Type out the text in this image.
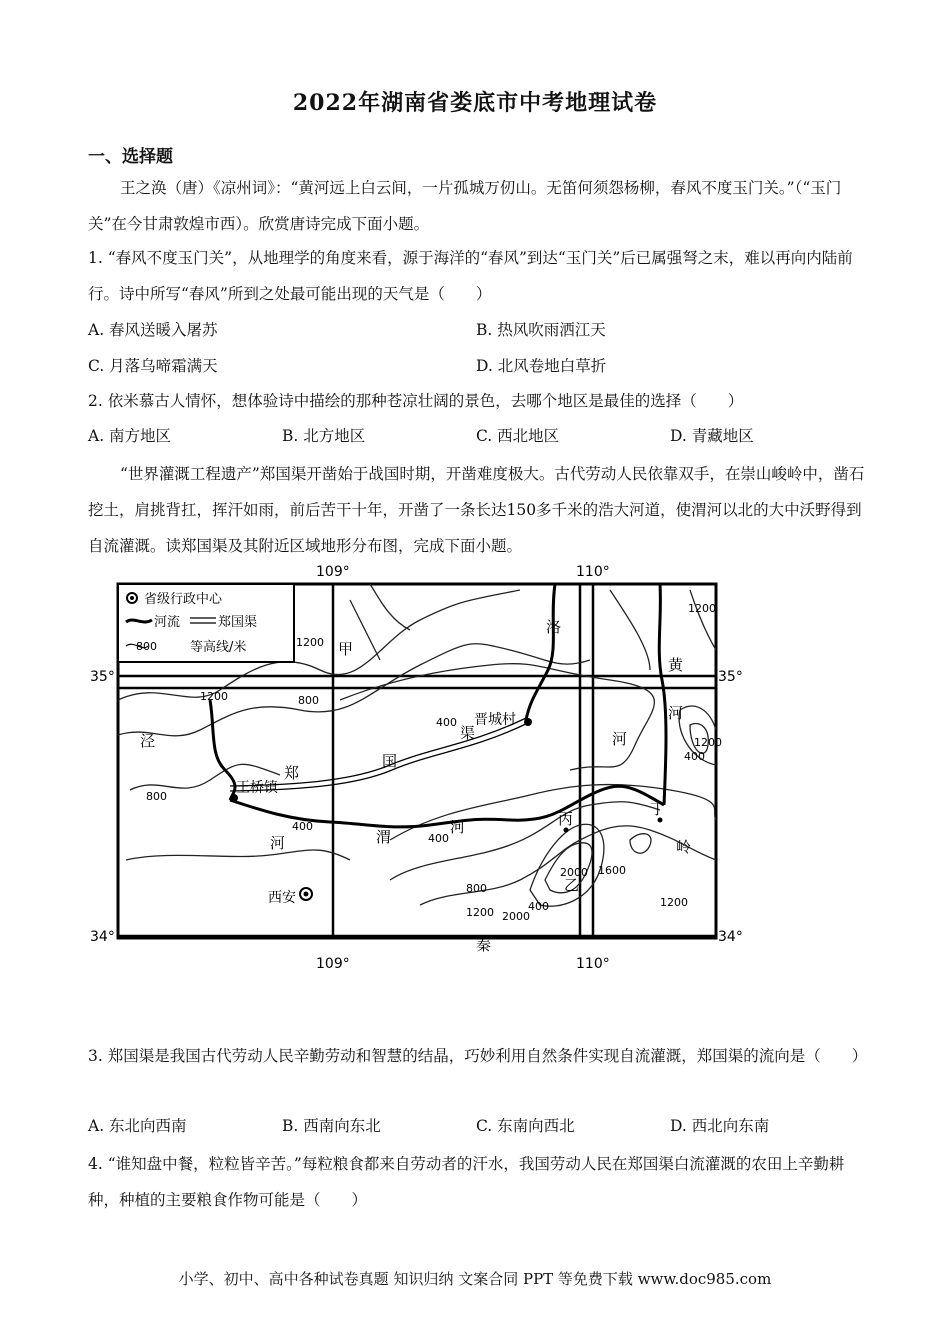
2022年湖南省娄底市中考地理试卷
一、选择题
王之涣（唐）《凉州词》：“黄河远上白云间，一片孤城万仞山。无笛何须怨杨柳，春风不度玉门关。”（“玉门关”在今甘肃敦煌市西）。欣赏唐诗完成下面小题。
1. “春风不度玉门关”，从地理学的角度来看，源于海洋的“春风”到达“玉门关”后已属强弩之末，难以再向内陆前行。诗中所写“春风”所到之处最可能出现的天气是（　　）
A. 春风送暖入屠苏	B. 热风吹雨洒江天
C. 月落乌啼霜满天	D. 北风卷地白草折
2. 依米慕古人情怀，想体验诗中描绘的那种苍凉壮阔的景色，去哪个地区是最佳的选择（　　）
A. 南方地区	B. 北方地区	C. 西北地区	D. 青藏地区
“世界灌溉工程遗产”郑国渠开凿始于战国时期，开凿难度极大。古代劳动人民依靠双手，在崇山峻岭中，凿石挖土，肩挑背扛，挥汗如雨，前后苦干十年，开凿了一条长达150多千米的浩大河道，使渭河以北的大中沃野得到自流灌溉。读郑国渠及其附近区域地形分布图，完成下面小题。
109°	110°
109°	110°
35°	35°
34°	34°
省级行政中心
河流	郑国渠
800	等高线/米
王桥镇
晋城村
西安
甲
乙
丙
丁
洛
黄
河
河
泾
河	渭
河
渠
国
郑
秦
岭
1200
1200
1200
800
800
800
400
400
400
400
400
2000
2000
1600
1200
1200
1200
3. 郑国渠是我国古代劳动人民辛勤劳动和智慧的结晶，巧妙利用自然条件实现自流灌溉，郑国渠的流向是（　　）
A. 东北向西南	B. 西南向东北	C. 东南向西北	D. 西北向东南
4. “谁知盘中餐，粒粒皆辛苦。”每粒粮食都来自劳动者的汗水，我国劳动人民在郑国渠白流灌溉的农田上辛勤耕种，种植的主要粮食作物可能是（　　）
小学、初中、高中各种试卷真题 知识归纳 文案合同 PPT 等免费下载 www.doc985.com
